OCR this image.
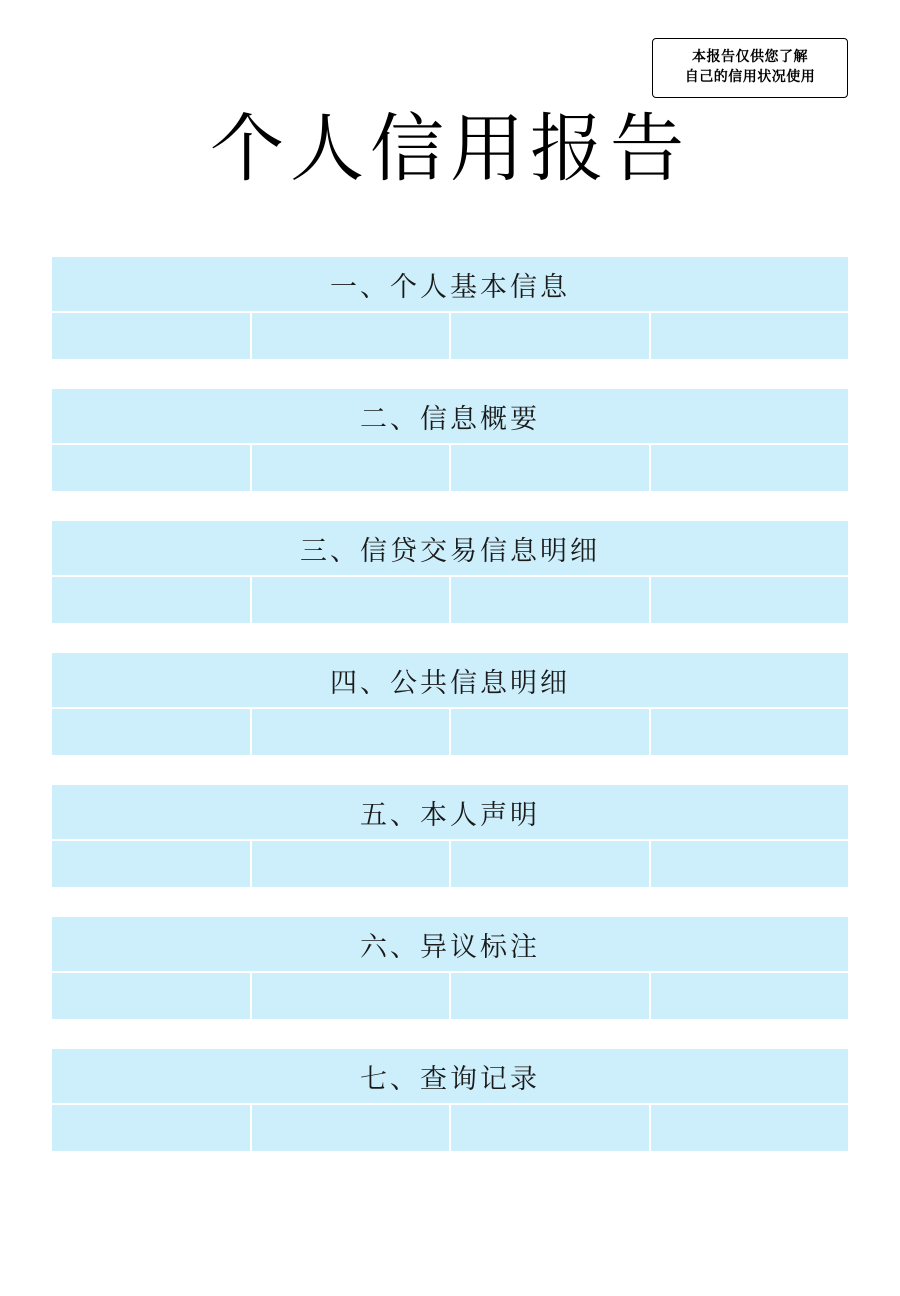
本报告仅供您了解
自己的信用状况使用
个人信用报告
一、个人基本信息
二、信息概要
三、信贷交易信息明细
四、公共信息明细
五、本人声明
六、异议标注
七、查询记录
